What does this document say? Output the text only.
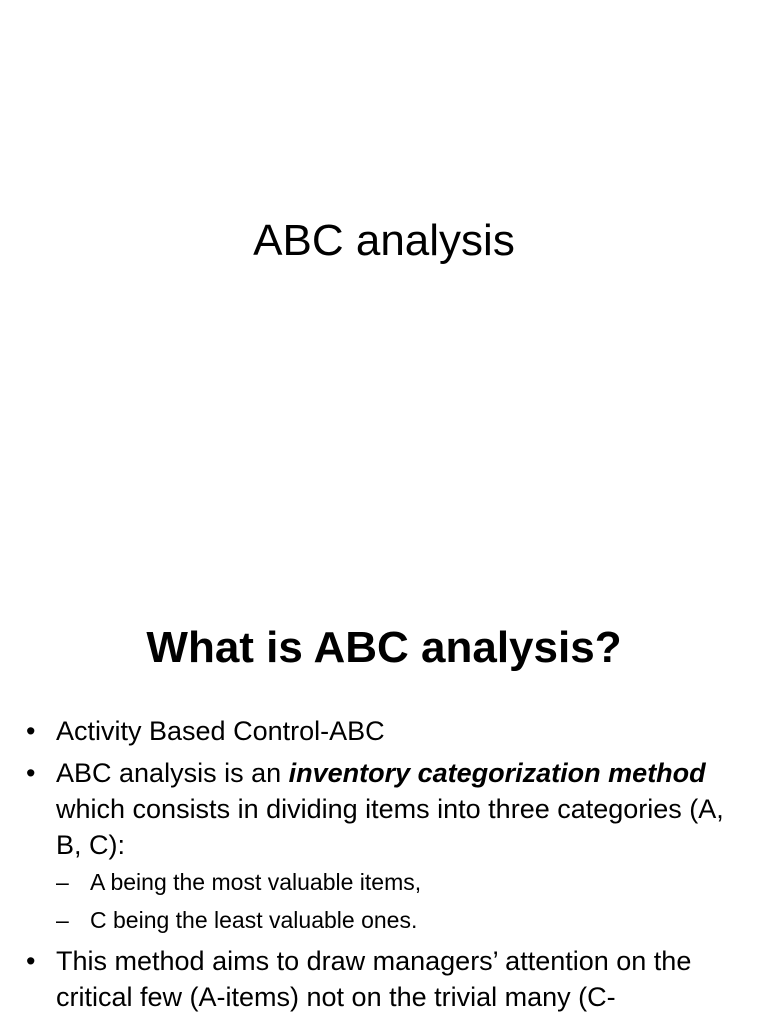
ABC analysis
What is ABC analysis?
• Activity Based Control-ABC
• ABC analysis is an inventory categorization method which consists in dividing items into three categories (A, B, C):
– A being the most valuable items,
– C being the least valuable ones.
• This method aims to draw managers’ attention on the critical few (A-items) not on the trivial many (C-
